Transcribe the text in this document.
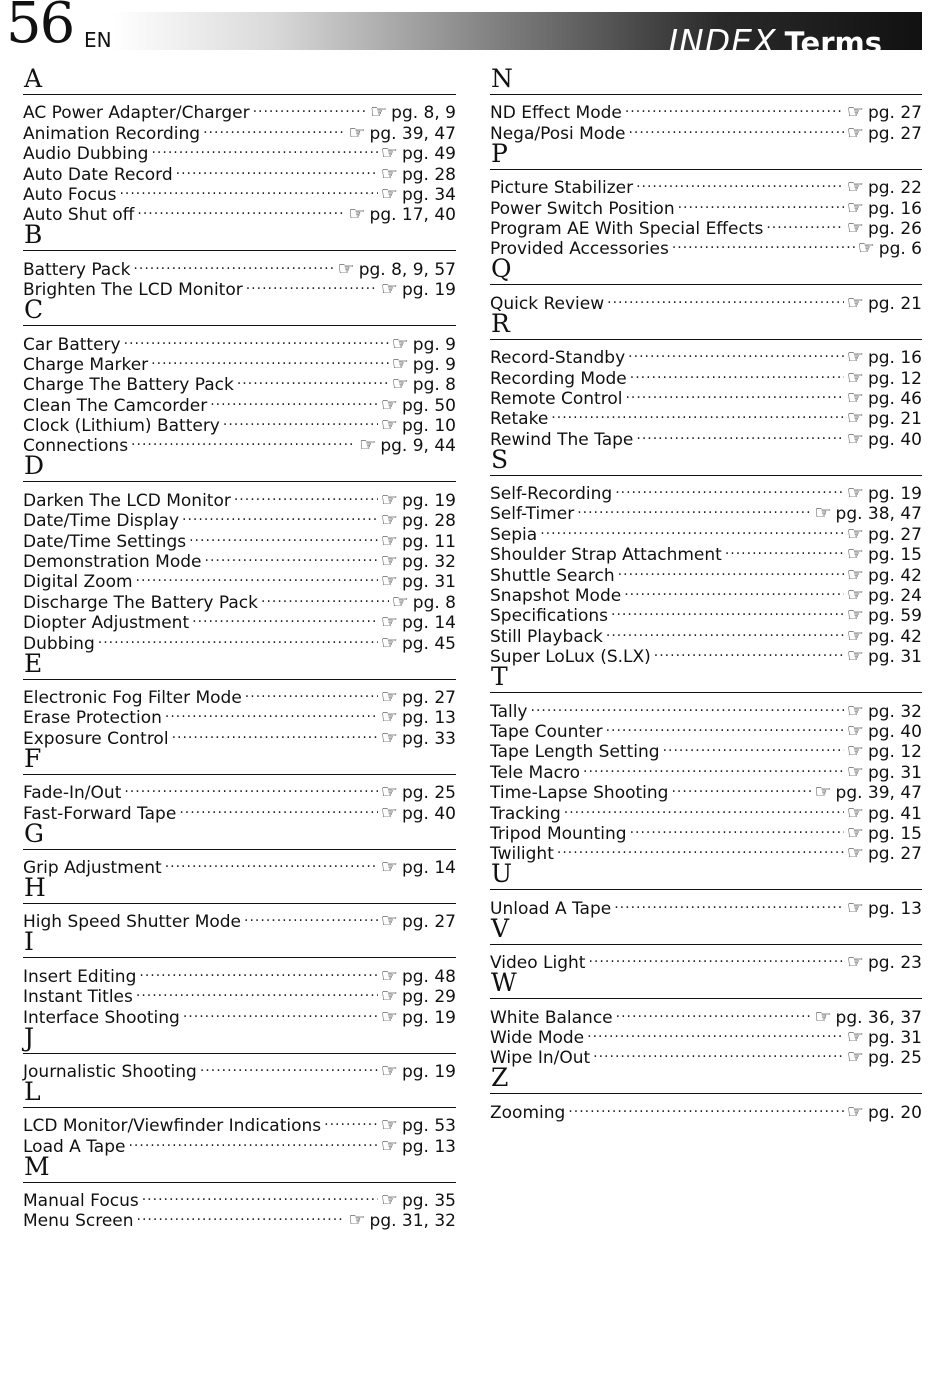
56 EN	INDEX Terms
A
AC Power Adapter/Charger .....	☞ pg. 8, 9
Animation Recording .....	☞ pg. 39, 47
Audio Dubbing .....	☞ pg. 49
Auto Date Record .....	☞ pg. 28
Auto Focus .....	☞ pg. 34
Auto Shut off .....	☞ pg. 17, 40
B
Battery Pack .....	☞ pg. 8, 9, 57
Brighten The LCD Monitor .....	☞ pg. 19
C
Car Battery .....	☞ pg. 9
Charge Marker .....	☞ pg. 9
Charge The Battery Pack .....	☞ pg. 8
Clean The Camcorder .....	☞ pg. 50
Clock (Lithium) Battery .....	☞ pg. 10
Connections .....	☞ pg. 9, 44
D
Darken The LCD Monitor .....	☞ pg. 19
Date/Time Display .....	☞ pg. 28
Date/Time Settings .....	☞ pg. 11
Demonstration Mode .....	☞ pg. 32
Digital Zoom .....	☞ pg. 31
Discharge The Battery Pack .....	☞ pg. 8
Diopter Adjustment .....	☞ pg. 14
Dubbing .....	☞ pg. 45
E
Electronic Fog Filter Mode .....	☞ pg. 27
Erase Protection .....	☞ pg. 13
Exposure Control .....	☞ pg. 33
F
Fade-In/Out .....	☞ pg. 25
Fast-Forward Tape .....	☞ pg. 40
G
Grip Adjustment .....	☞ pg. 14
H
High Speed Shutter Mode .....	☞ pg. 27
I
Insert Editing .....	☞ pg. 48
Instant Titles .....	☞ pg. 29
Interface Shooting .....	☞ pg. 19
J
Journalistic Shooting .....	☞ pg. 19
L
LCD Monitor/Viewfinder Indications .....	☞ pg. 53
Load A Tape .....	☞ pg. 13
M
Manual Focus .....	☞ pg. 35
Menu Screen .....	☞ pg. 31, 32
N
ND Effect Mode .....	☞ pg. 27
Nega/Posi Mode .....	☞ pg. 27
P
Picture Stabilizer .....	☞ pg. 22
Power Switch Position .....	☞ pg. 16
Program AE With Special Effects .....	☞ pg. 26
Provided Accessories .....	☞ pg. 6
Q
Quick Review .....	☞ pg. 21
R
Record-Standby .....	☞ pg. 16
Recording Mode .....	☞ pg. 12
Remote Control .....	☞ pg. 46
Retake .....	☞ pg. 21
Rewind The Tape .....	☞ pg. 40
S
Self-Recording .....	☞ pg. 19
Self-Timer .....	☞ pg. 38, 47
Sepia .....	☞ pg. 27
Shoulder Strap Attachment .....	☞ pg. 15
Shuttle Search .....	☞ pg. 42
Snapshot Mode .....	☞ pg. 24
Specifications .....	☞ pg. 59
Still Playback .....	☞ pg. 42
Super LoLux (S.LX) .....	☞ pg. 31
T
Tally .....	☞ pg. 32
Tape Counter .....	☞ pg. 40
Tape Length Setting .....	☞ pg. 12
Tele Macro .....	☞ pg. 31
Time-Lapse Shooting .....	☞ pg. 39, 47
Tracking .....	☞ pg. 41
Tripod Mounting .....	☞ pg. 15
Twilight .....	☞ pg. 27
U
Unload A Tape .....	☞ pg. 13
V
Video Light .....	☞ pg. 23
W
White Balance .....	☞ pg. 36, 37
Wide Mode .....	☞ pg. 31
Wipe In/Out .....	☞ pg. 25
Z
Zooming .....	☞ pg. 20
